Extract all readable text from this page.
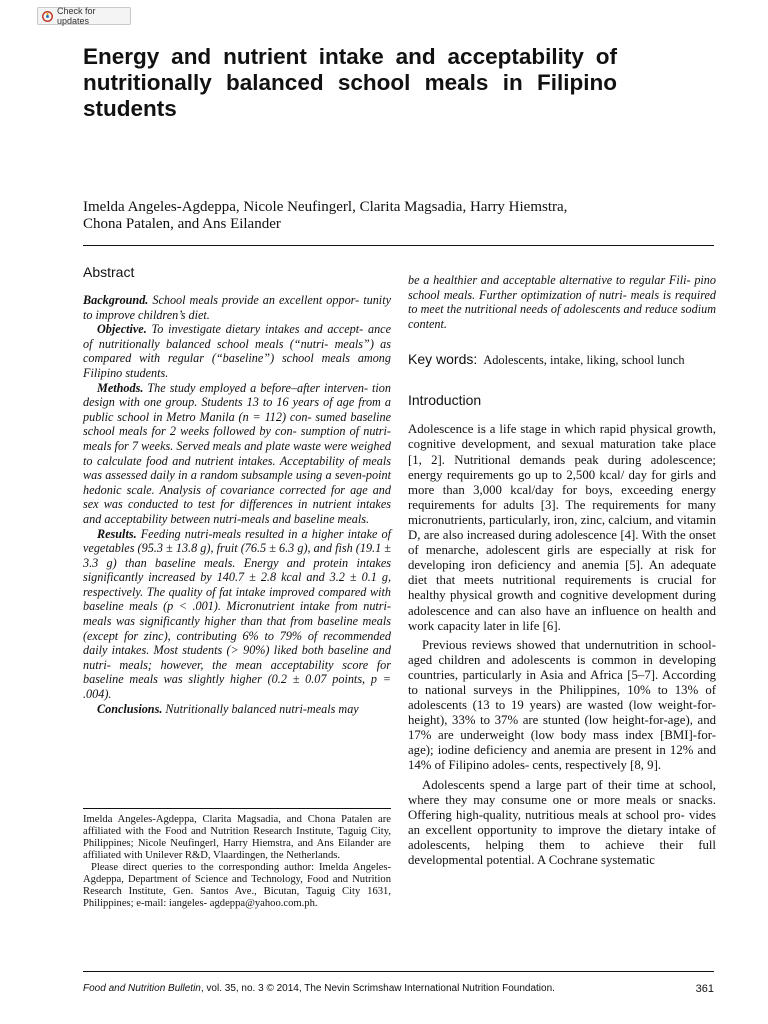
Check for updates
Energy and nutrient intake and acceptability of nutritionally balanced school meals in Filipino students

Imelda Angeles-Agdeppa, Nicole Neufingerl, Clarita Magsadia, Harry Hiemstra, Chona Patalen, and Ans Eilander

Abstract

Background. School meals provide an excellent oppor- tunity to improve children’s diet.

Objective. To investigate dietary intakes and accept- ance of nutritionally balanced school meals (“nutri- meals”) as compared with regular (“baseline”) school meals among Filipino students.

Methods. The study employed a before–after interven- tion design with one group. Students 13 to 16 years of age from a public school in Metro Manila (n = 112) con- sumed baseline school meals for 2 weeks followed by con- sumption of nutri-meals for 7 weeks. Served meals and plate waste were weighed to calculate food and nutrient intakes. Acceptability of meals was assessed daily in a random subsample using a seven-point hedonic scale. Analysis of covariance corrected for age and sex was conducted to test for differences in nutrient intakes and acceptability between nutri-meals and baseline meals.

Results. Feeding nutri-meals resulted in a higher intake of vegetables (95.3 ± 13.8 g), fruit (76.5 ± 6.3 g), and fish (19.1 ± 3.3 g) than baseline meals. Energy and protein intakes significantly increased by 140.7 ± 2.8 kcal and 3.2 ± 0.1 g, respectively. The quality of fat intake improved compared with baseline meals (p < .001). Micronutrient intake from nutri-meals was significantly higher than that from baseline meals (except for zinc), contributing 6% to 79% of recommended daily intakes. Most students (> 90%) liked both baseline and nutri- meals; however, the mean acceptability score for baseline meals was slightly higher (0.2 ± 0.07 points, p = .004).

Conclusions. Nutritionally balanced nutri-meals may

Imelda Angeles-Agdeppa, Clarita Magsadia, and Chona Patalen are affiliated with the Food and Nutrition Research Institute, Taguig City, Philippines; Nicole Neufingerl, Harry Hiemstra, and Ans Eilander are affiliated with Unilever R&D, Vlaardingen, the Netherlands.

Please direct queries to the corresponding author: Imelda Angeles-Agdeppa, Department of Science and Technology, Food and Nutrition Research Institute, Gen. Santos Ave., Bicutan, Taguig City 1631, Philippines; e-mail: iangeles- agdeppa@yahoo.com.ph.

be a healthier and acceptable alternative to regular Fili- pino school meals. Further optimization of nutri- meals is required to meet the nutritional needs of adolescents and reduce sodium content.

Key words: Adolescents, intake, liking, school lunch
Introduction

Adolescence is a life stage in which rapid physical growth, cognitive development, and sexual maturation take place [1, 2]. Nutritional demands peak during adolescence; energy requirements go up to 2,500 kcal/ day for girls and more than 3,000 kcal/day for boys, exceeding energy requirements for adults [3]. The requirements for many micronutrients, particularly, iron, zinc, calcium, and vitamin D, are also increased during adolescence [4]. With the onset of menarche, adolescent girls are especially at risk for developing iron deficiency and anemia [5]. An adequate diet that meets nutritional requirements is crucial for healthy physical growth and cognitive development during adolescence and can also have an influence on health and work capacity later in life [6].

Previous reviews showed that undernutrition in school-aged children and adolescents is common in developing countries, particularly in Asia and Africa [5–7]. According to national surveys in the Philippines, 10% to 13% of adolescents (13 to 19 years) are wasted (low weight-for-height), 33% to 37% are stunted (low height-for-age), and 17% are underweight (low body mass index [BMI]-for-age); iodine deficiency and anemia are present in 12% and 14% of Filipino adoles- cents, respectively [8, 9].

Adolescents spend a large part of their time at school, where they may consume one or more meals or snacks. Offering high-quality, nutritious meals at school pro- vides an excellent opportunity to improve the dietary intake of adolescents, helping them to achieve their full developmental potential. A Cochrane systematic

Food and Nutrition Bulletin, vol. 35, no. 3 © 2014, The Nevin Scrimshaw International Nutrition Foundation.	361
